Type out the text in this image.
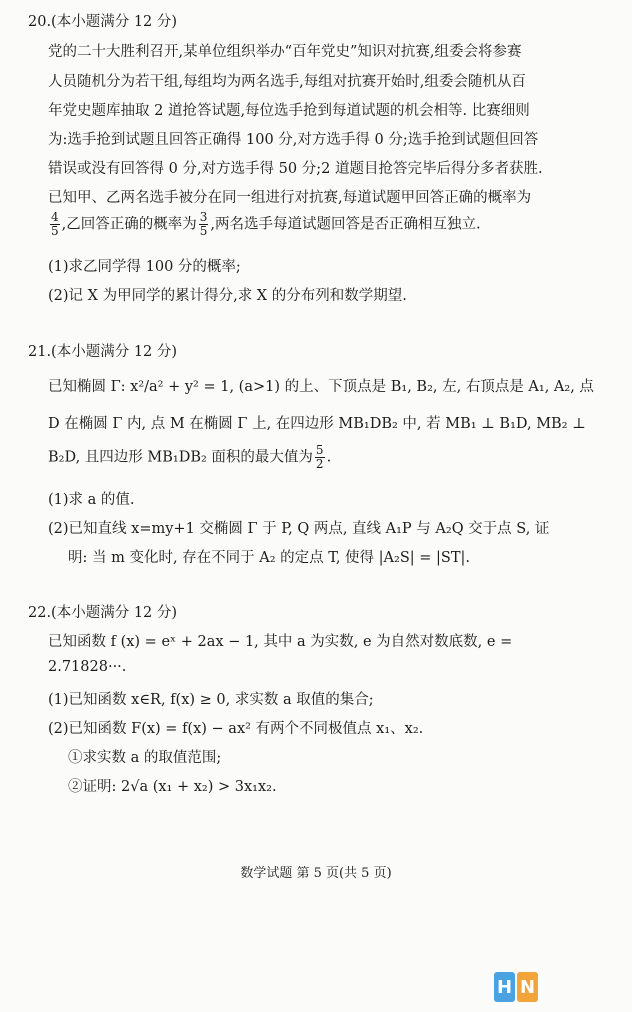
20.(本小题满分 12 分)
党的二十大胜利召开,某单位组织举办“百年党史”知识对抗赛,组委会将参赛
人员随机分为若干组,每组均为两名选手,每组对抗赛开始时,组委会随机从百
年党史题库抽取 2 道抢答试题,每位选手抢到每道试题的机会相等. 比赛细则
为:选手抢到试题且回答正确得 100 分,对方选手得 0 分;选手抢到试题但回答
错误或没有回答得 0 分,对方选手得 50 分;2 道题目抢答完毕后得分多者获胜.
已知甲、乙两名选手被分在同一组进行对抗赛,每道试题甲回答正确的概率为
$\frac{4}{5}$ ,乙回答正确的概率为 $\frac{3}{5}$ ,两名选手每道试题回答是否正确相互独立.
(1)求乙同学得 100 分的概率;
(2)记 X 为甲同学的累计得分,求 X 的分布列和数学期望.
21.(本小题满分 12 分)
已知椭圆 Γ: x²/a² + y² = 1, (a>1) 的上、下顶点是 B₁, B₂, 左, 右顶点是 A₁, A₂, 点
D 在椭圆 Γ 内, 点 M 在椭圆 Γ 上, 在四边形 MB₁DB₂ 中, 若 MB₁ ⊥ B₁D, MB₂ ⊥
B₂D, 且四边形 MB₁DB₂ 面积的最大值为 $\frac{5}{2}$ .
(1)求 a 的值.
(2)已知直线 x=my+1 交椭圆 Γ 于 P, Q 两点, 直线 A₁P 与 A₂Q 交于点 S, 证
明: 当 m 变化时, 存在不同于 A₂ 的定点 T, 使得 |A₂S| = |ST|.
22.(本小题满分 12 分)
已知函数 f (x) = eˣ + 2ax − 1, 其中 a 为实数, e 为自然对数底数, e =
2.71828···.
(1)已知函数 x∈R, f(x) ≥ 0, 求实数 a 取值的集合;
(2)已知函数 F(x) = f(x) − ax² 有两个不同极值点 x₁、x₂.
①求实数 a 的取值范围;
②证明: 2√a (x₁ + x₂) > 3x₁x₂.
数学试题 第 5 页(共 5 页)
H N
